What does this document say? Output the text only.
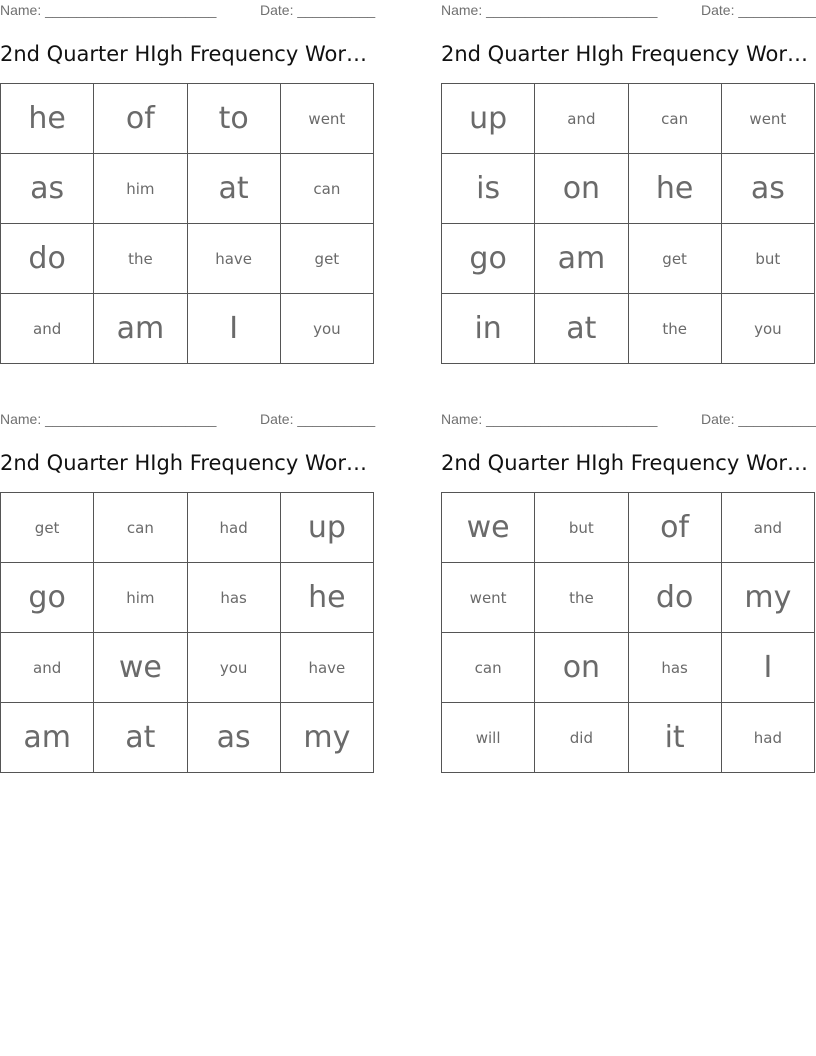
Name: ______________________	Date: __________
2nd Quarter HIgh Frequency Wor…
he	of	to	went
as	him	at	can
do	the	have	get
and	am	I	you
Name: ______________________	Date: __________
2nd Quarter HIgh Frequency Wor…
up	and	can	went
is	on	he	as
go	am	get	but
in	at	the	you
Name: ______________________	Date: __________
2nd Quarter HIgh Frequency Wor…
get	can	had	up
go	him	has	he
and	we	you	have
am	at	as	my
Name: ______________________	Date: __________
2nd Quarter HIgh Frequency Wor…
we	but	of	and
went	the	do	my
can	on	has	I
will	did	it	had
